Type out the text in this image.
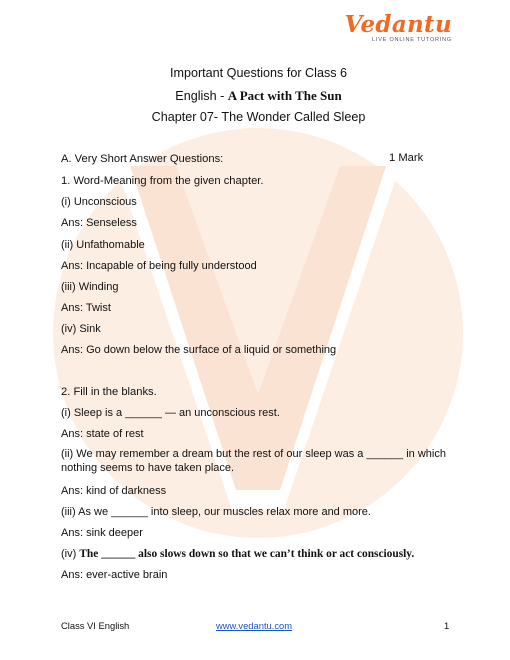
Vedantu
LIVE ONLINE TUTORING
Important Questions for Class 6
English - A Pact with The Sun
Chapter 07- The Wonder Called Sleep
A. Very Short Answer Questions:	1 Mark
1. Word-Meaning from the given chapter.
(i) Unconscious
Ans: Senseless
(ii) Unfathomable
Ans: Incapable of being fully understood
(iii) Winding
Ans: Twist
(iv) Sink
Ans: Go down below the surface of a liquid or something
2. Fill in the blanks.
(i) Sleep is a ______ — an unconscious rest.
Ans: state of rest
(ii) We may remember a dream but the rest of our sleep was a ______ in which nothing seems to have taken place.
Ans: kind of darkness
(iii) As we ______ into sleep, our muscles relax more and more.
Ans: sink deeper
(iv) The ______ also slows down so that we can’t think or act consciously.
Ans: ever-active brain
Class VI English	www.vedantu.com	1
